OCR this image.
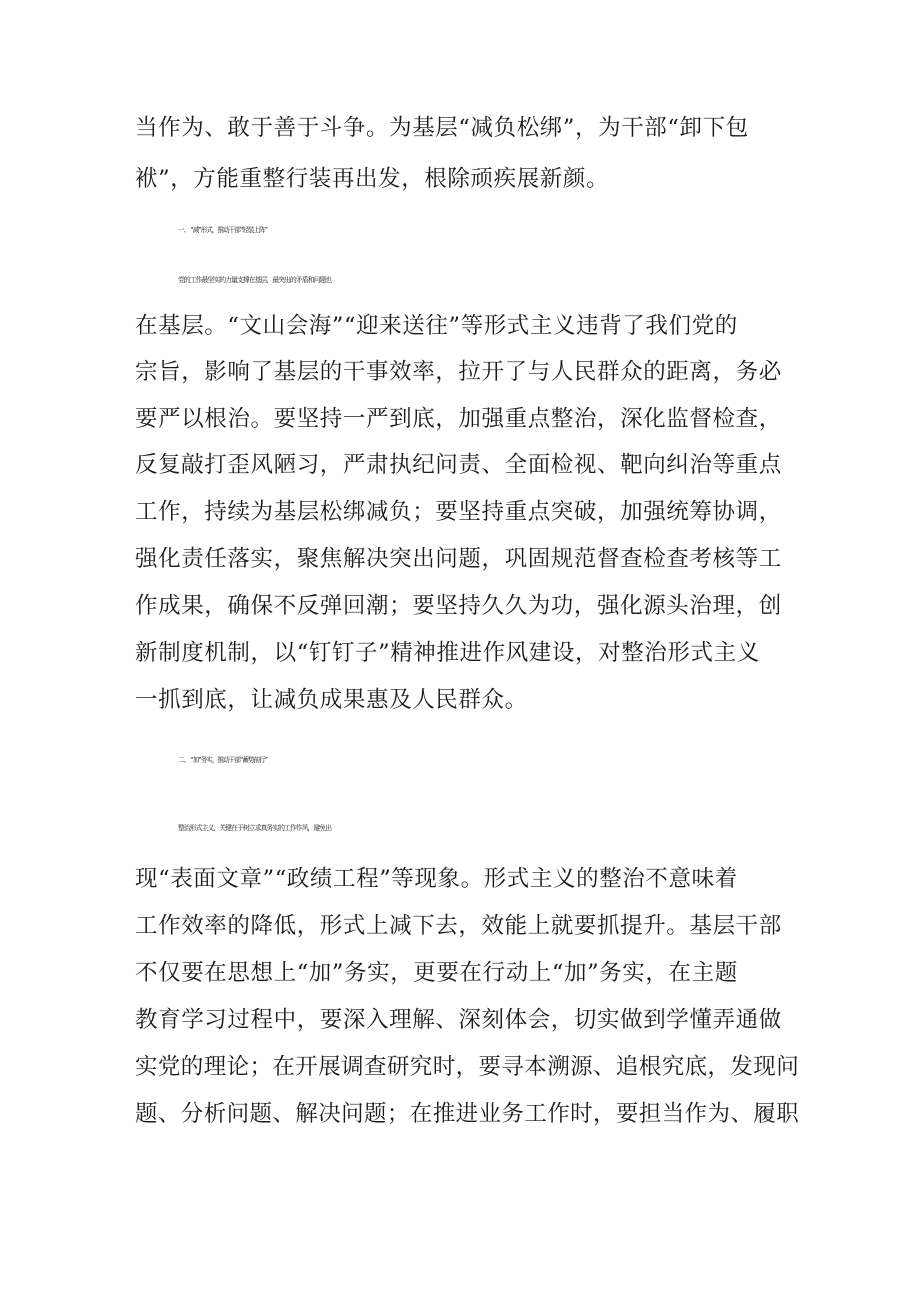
当作为、敢于善于斗争。为基层“减负松绑”，为干部“卸下包
袱”，方能重整行装再出发，根除顽疾展新颜。
一、 “减”形式，推动干部“轻装上阵”
党的工作最坚实的力量支撑在基层，最突出的矛盾和问题也
在基层。“文山会海”“迎来送往”等形式主义违背了我们党的
宗旨，影响了基层的干事效率，拉开了与人民群众的距离，务必
要严以根治。要坚持一严到底，加强重点整治，深化监督检查，
反复敲打歪风陋习，严肃执纪问责、全面检视、靶向纠治等重点
工作，持续为基层松绑减负；要坚持重点突破，加强统筹协调，
强化责任落实，聚焦解决突出问题，巩固规范督查检查考核等工
作成果，确保不反弹回潮；要坚持久久为功，强化源头治理，创
新制度机制，以“钉钉子”精神推进作风建设，对整治形式主义
一抓到底，让减负成果惠及人民群众。
二、 “加”务实，推动干部“蓄势前行”
整治形式主义，关键在于树立求真务实的工作作风，避免出
现“表面文章”“政绩工程”等现象。形式主义的整治不意味着
工作效率的降低，形式上减下去，效能上就要抓提升。基层干部
不仅要在思想上“加”务实，更要在行动上“加”务实，在主题
教育学习过程中，要深入理解、深刻体会，切实做到学懂弄通做
实党的理论；在开展调查研究时，要寻本溯源、追根究底，发现问
题、分析问题、解决问题；在推进业务工作时，要担当作为、履职
